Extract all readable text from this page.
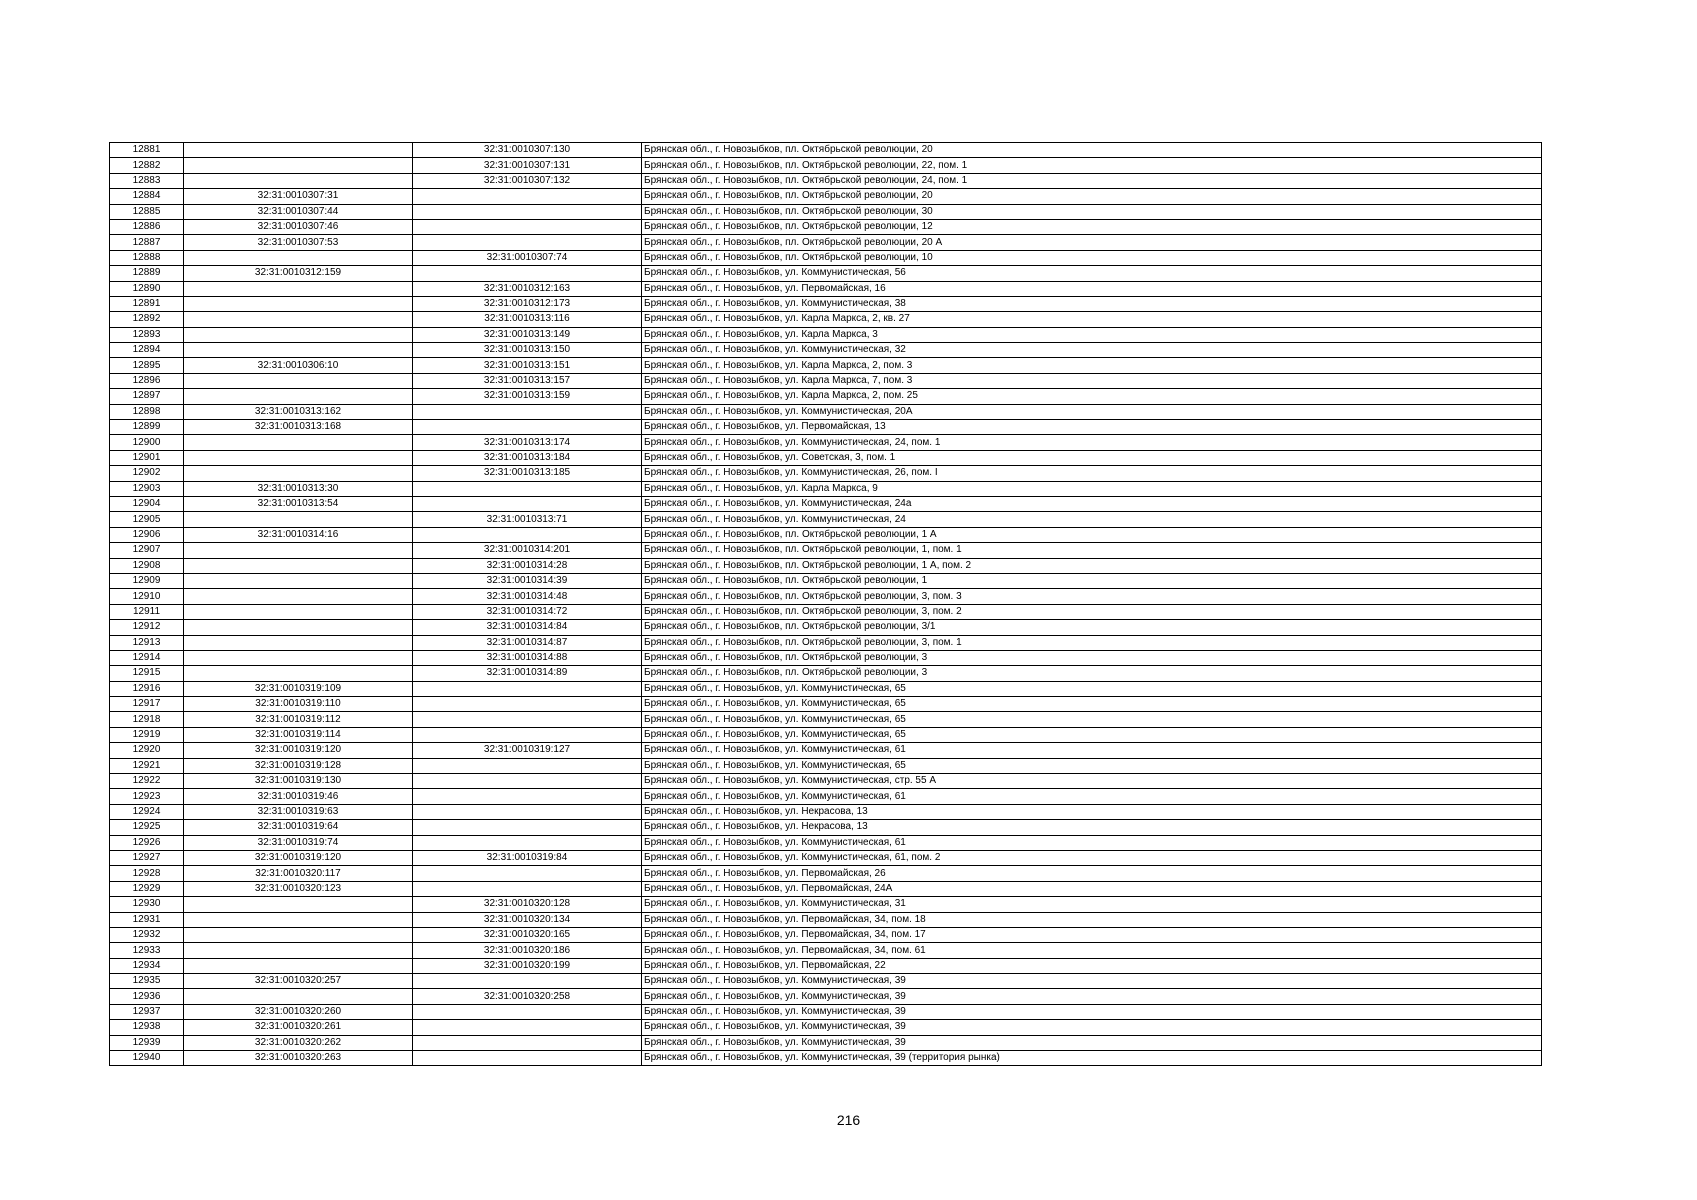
12881		32:31:0010307:130	Брянская обл., г. Новозыбков, пл. Октябрьской революции, 20
12882		32:31:0010307:131	Брянская обл., г. Новозыбков, пл. Октябрьской революции, 22, пом. 1
12883		32:31:0010307:132	Брянская обл., г. Новозыбков, пл. Октябрьской революции, 24, пом. 1
12884	32:31:0010307:31		Брянская обл., г. Новозыбков, пл. Октябрьской революции, 20
12885	32:31:0010307:44		Брянская обл., г. Новозыбков, пл. Октябрьской революции, 30
12886	32:31:0010307:46		Брянская обл., г. Новозыбков, пл. Октябрьской революции, 12
12887	32:31:0010307:53		Брянская обл., г. Новозыбков, пл. Октябрьской революции, 20 А
12888		32:31:0010307:74	Брянская обл., г. Новозыбков, пл. Октябрьской революции, 10
12889	32:31:0010312:159		Брянская обл., г. Новозыбков, ул. Коммунистическая, 56
12890		32:31:0010312:163	Брянская обл., г. Новозыбков, ул. Первомайская, 16
12891		32:31:0010312:173	Брянская обл., г. Новозыбков, ул. Коммунистическая, 38
12892		32:31:0010313:116	Брянская обл., г. Новозыбков, ул. Карла Маркса, 2, кв. 27
12893		32:31:0010313:149	Брянская обл., г. Новозыбков, ул. Карла Маркса, 3
12894		32:31:0010313:150	Брянская обл., г. Новозыбков, ул. Коммунистическая, 32
12895	32:31:0010306:10	32:31:0010313:151	Брянская обл., г. Новозыбков, ул. Карла Маркса, 2, пом. 3
12896		32:31:0010313:157	Брянская обл., г. Новозыбков, ул. Карла Маркса, 7, пом. 3
12897		32:31:0010313:159	Брянская обл., г. Новозыбков, ул. Карла Маркса, 2, пом. 25
12898	32:31:0010313:162		Брянская обл., г. Новозыбков, ул. Коммунистическая, 20А
12899	32:31:0010313:168		Брянская обл., г. Новозыбков, ул. Первомайская, 13
12900		32:31:0010313:174	Брянская обл., г. Новозыбков, ул. Коммунистическая, 24, пом. 1
12901		32:31:0010313:184	Брянская обл., г. Новозыбков, ул. Советская, 3, пом. 1
12902		32:31:0010313:185	Брянская обл., г. Новозыбков, ул. Коммунистическая, 26, пом. I
12903	32:31:0010313:30		Брянская обл., г. Новозыбков, ул. Карла Маркса, 9
12904	32:31:0010313:54		Брянская обл., г. Новозыбков, ул. Коммунистическая, 24а
12905		32:31:0010313:71	Брянская обл., г. Новозыбков, ул. Коммунистическая, 24
12906	32:31:0010314:16		Брянская обл., г. Новозыбков, пл. Октябрьской революции, 1 А
12907		32:31:0010314:201	Брянская обл., г. Новозыбков, пл. Октябрьской революции, 1, пом. 1
12908		32:31:0010314:28	Брянская обл., г. Новозыбков, пл. Октябрьской революции, 1 А, пом. 2
12909		32:31:0010314:39	Брянская обл., г. Новозыбков, пл. Октябрьской революции, 1
12910		32:31:0010314:48	Брянская обл., г. Новозыбков, пл. Октябрьской революции, 3, пом. 3
12911		32:31:0010314:72	Брянская обл., г. Новозыбков, пл. Октябрьской революции, 3, пом. 2
12912		32:31:0010314:84	Брянская обл., г. Новозыбков, пл. Октябрьской революции, 3/1
12913		32:31:0010314:87	Брянская обл., г. Новозыбков, пл. Октябрьской революции, 3, пом. 1
12914		32:31:0010314:88	Брянская обл., г. Новозыбков, пл. Октябрьской революции, 3
12915		32:31:0010314:89	Брянская обл., г. Новозыбков, пл. Октябрьской революции, 3
12916	32:31:0010319:109		Брянская обл., г. Новозыбков, ул. Коммунистическая, 65
12917	32:31:0010319:110		Брянская обл., г. Новозыбков, ул. Коммунистическая, 65
12918	32:31:0010319:112		Брянская обл., г. Новозыбков, ул. Коммунистическая, 65
12919	32:31:0010319:114		Брянская обл., г. Новозыбков, ул. Коммунистическая, 65
12920	32:31:0010319:120	32:31:0010319:127	Брянская обл., г. Новозыбков, ул. Коммунистическая, 61
12921	32:31:0010319:128		Брянская обл., г. Новозыбков, ул. Коммунистическая, 65
12922	32:31:0010319:130		Брянская обл., г. Новозыбков, ул. Коммунистическая, стр. 55 А
12923	32:31:0010319:46		Брянская обл., г. Новозыбков, ул. Коммунистическая, 61
12924	32:31:0010319:63		Брянская обл., г. Новозыбков, ул. Некрасова, 13
12925	32:31:0010319:64		Брянская обл., г. Новозыбков, ул. Некрасова, 13
12926	32:31:0010319:74		Брянская обл., г. Новозыбков, ул. Коммунистическая, 61
12927	32:31:0010319:120	32:31:0010319:84	Брянская обл., г. Новозыбков, ул. Коммунистическая, 61, пом. 2
12928	32:31:0010320:117		Брянская обл., г. Новозыбков, ул. Первомайская, 26
12929	32:31:0010320:123		Брянская обл., г. Новозыбков, ул. Первомайская, 24А
12930		32:31:0010320:128	Брянская обл., г. Новозыбков, ул. Коммунистическая, 31
12931		32:31:0010320:134	Брянская обл., г. Новозыбков, ул. Первомайская, 34, пом. 18
12932		32:31:0010320:165	Брянская обл., г. Новозыбков, ул. Первомайская, 34, пом. 17
12933		32:31:0010320:186	Брянская обл., г. Новозыбков, ул. Первомайская, 34, пом. 61
12934		32:31:0010320:199	Брянская обл., г. Новозыбков, ул. Первомайская, 22
12935	32:31:0010320:257		Брянская обл., г. Новозыбков, ул. Коммунистическая, 39
12936		32:31:0010320:258	Брянская обл., г. Новозыбков, ул. Коммунистическая, 39
12937	32:31:0010320:260		Брянская обл., г. Новозыбков, ул. Коммунистическая, 39
12938	32:31:0010320:261		Брянская обл., г. Новозыбков, ул. Коммунистическая, 39
12939	32:31:0010320:262		Брянская обл., г. Новозыбков, ул. Коммунистическая, 39
12940	32:31:0010320:263		Брянская обл., г. Новозыбков, ул. Коммунистическая, 39 (территория рынка)
216
